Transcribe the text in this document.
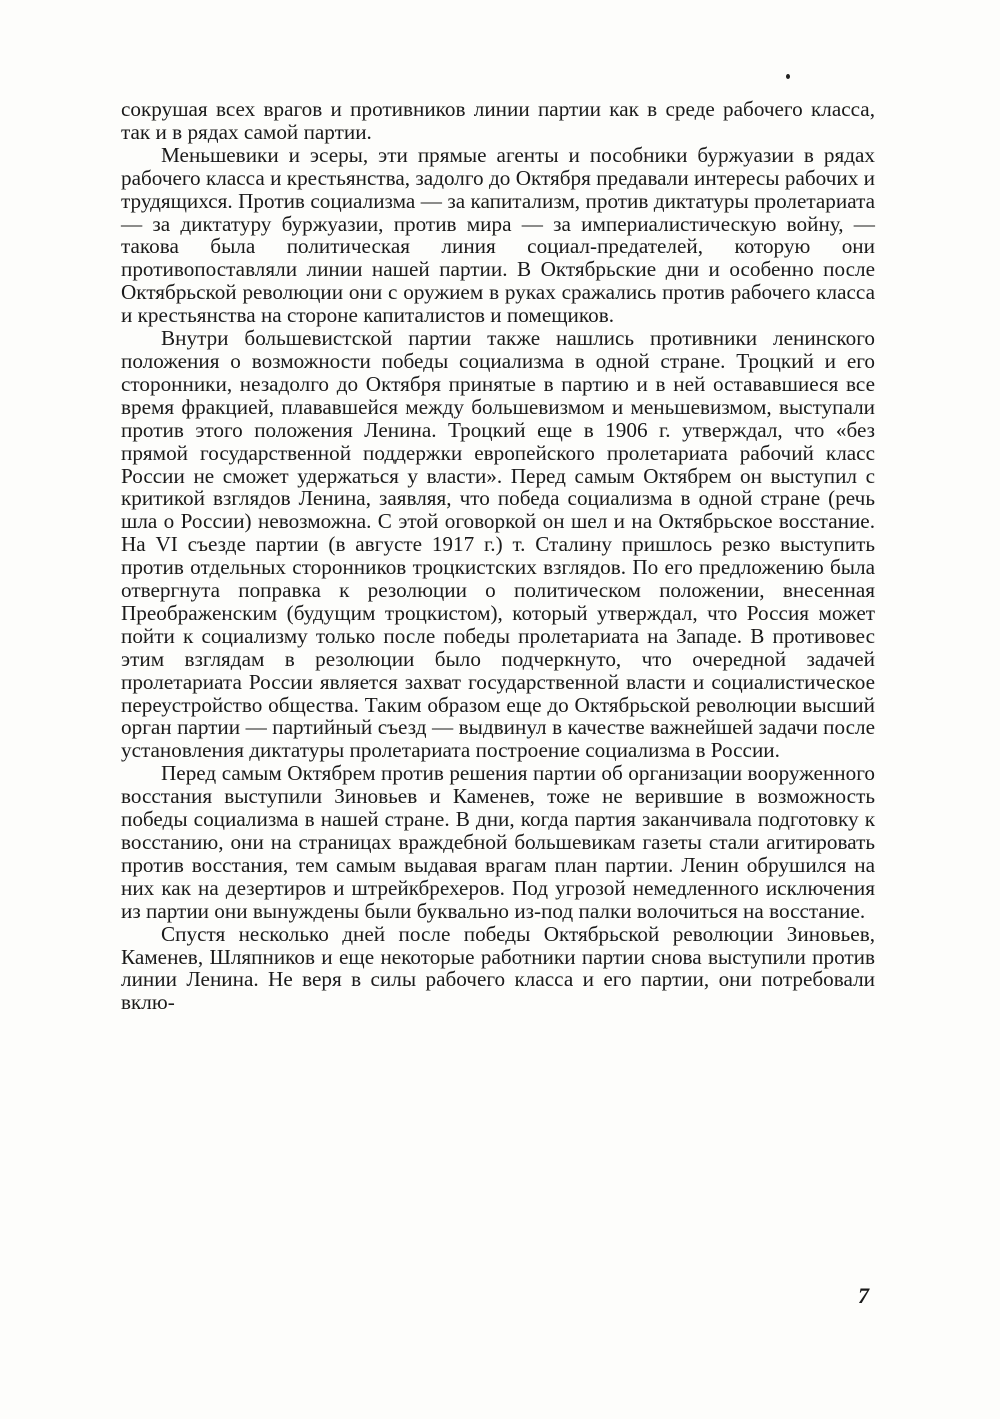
сокрушая всех врагов и противников линии партии как в среде рабочего класса, так и в рядах самой партии.

Меньшевики и эсеры, эти прямые агенты и пособники буржуазии в рядах рабочего класса и крестьянства, задолго до Октября предавали интересы рабочих и трудящихся. Против социализма — за капитализм, против диктатуры пролетариата — за диктатуру буржуазии, против мира — за империалистическую войну, — такова была политическая линия социал-предателей, которую они противопоставляли линии нашей партии. В Октябрьские дни и особенно после Октябрьской революции они с оружием в руках сражались против рабочего класса и крестьянства на стороне капиталистов и помещиков.

Внутри большевистской партии также нашлись противники ленинского положения о возможности победы социализма в одной стране. Троцкий и его сторонники, незадолго до Октября принятые в партию и в ней остававшиеся все время фракцией, плававшейся между большевизмом и меньшевизмом, выступали против этого положения Ленина. Троцкий еще в 1906 г. утверждал, что «без прямой государственной поддержки европейского пролетариата рабочий класс России не сможет удержаться у власти». Перед самым Октябрем он выступил с критикой взглядов Ленина, заявляя, что победа социализма в одной стране (речь шла о России) невозможна. С этой оговоркой он шел и на Октябрьское восстание. На VI съезде партии (в августе 1917 г.) т. Сталину пришлось резко выступить против отдельных сторонников троцкистских взглядов. По его предложению была отвергнута поправка к резолюции о политическом положении, внесенная Преображенским (будущим троцкистом), который утверждал, что Россия может пойти к социализму только после победы пролетариата на Западе. В противовес этим взглядам в резолюции было подчеркнуто, что очередной задачей пролетариата России является захват государственной власти и социалистическое переустройство общества. Таким образом еще до Октябрьской революции высший орган партии — партийный съезд — выдвинул в качестве важнейшей задачи после установления диктатуры пролетариата построение социализма в России.

Перед самым Октябрем против решения партии об организации вооруженного восстания выступили Зиновьев и Каменев, тоже не верившие в возможность победы социализма в нашей стране. В дни, когда партия заканчивала подготовку к восстанию, они на страницах враждебной большевикам газеты стали агитировать против восстания, тем самым выдавая врагам план партии. Ленин обрушился на них как на дезертиров и штрейкбрехеров. Под угрозой немедленного исключения из партии они вынуждены были буквально из-под палки волочиться на восстание.

Спустя несколько дней после победы Октябрьской революции Зиновьев, Каменев, Шляпников и еще некоторые работники партии снова выступили против линии Ленина. Не веря в силы рабочего класса и его партии, они потребовали вклю-

7
